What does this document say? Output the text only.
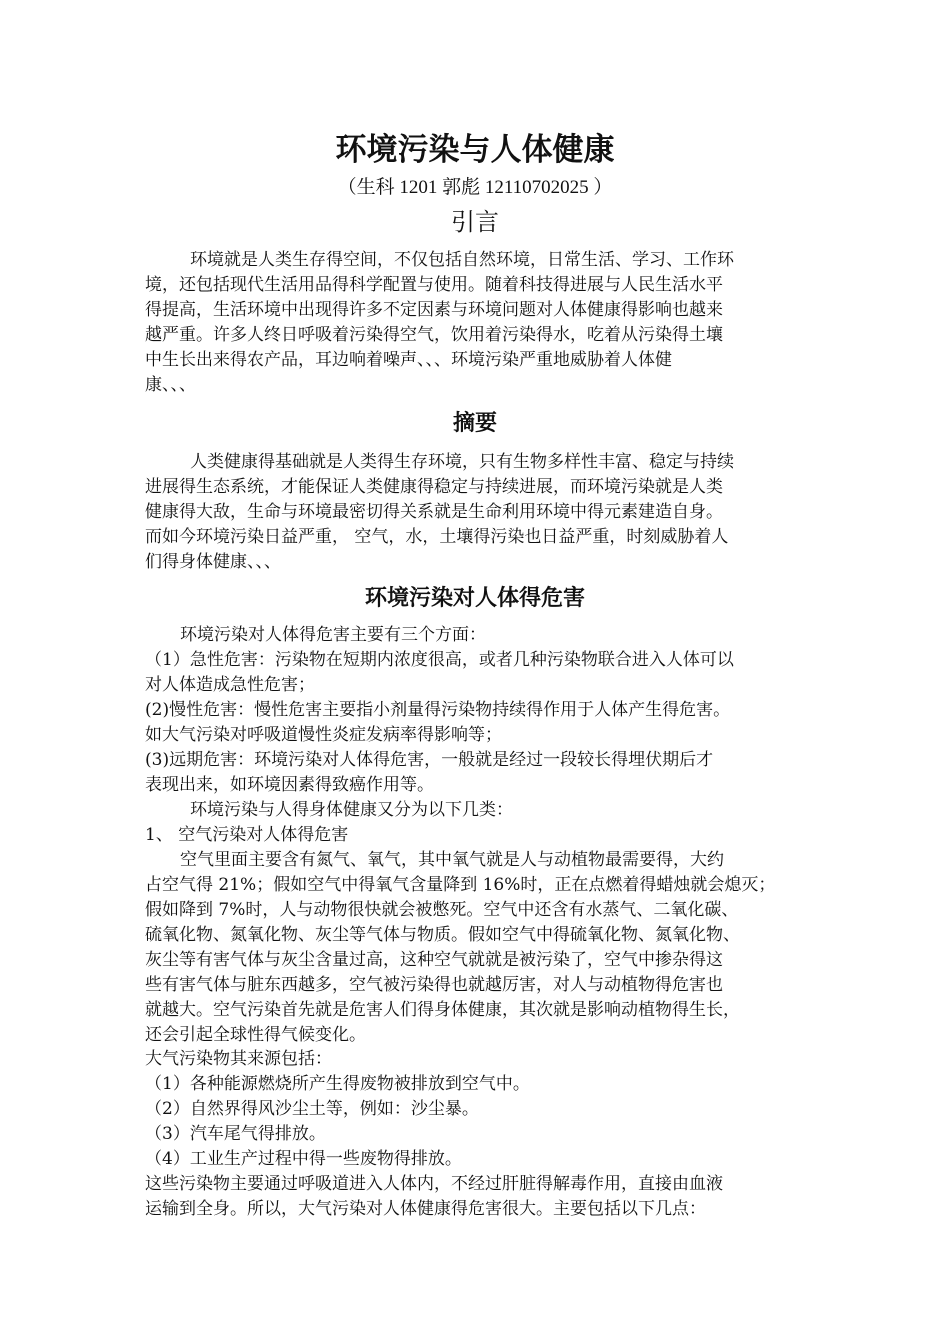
环境污染与人体健康
（生科 1201 郭彪 12110702025 ）
引言
环境就是人类生存得空间，不仅包括自然环境，日常生活、学习、工作环
境，还包括现代生活用品得科学配置与使用。随着科技得进展与人民生活水平
得提高，生活环境中出现得许多不定因素与环境问题对人体健康得影响也越来
越严重。许多人终日呼吸着污染得空气，饮用着污染得水，吃着从污染得土壤
中生长出来得农产品，耳边响着噪声、、、环境污染严重地威胁着人体健
康、、、
摘要
人类健康得基础就是人类得生存环境，只有生物多样性丰富、稳定与持续
进展得生态系统，才能保证人类健康得稳定与持续进展，而环境污染就是人类
健康得大敌，生命与环境最密切得关系就是生命利用环境中得元素建造自身。
而如今环境污染日益严重， 空气，水，土壤得污染也日益严重，时刻威胁着人
们得身体健康、、、
环境污染对人体得危害
环境污染对人体得危害主要有三个方面：
（1）急性危害：污染物在短期内浓度很高，或者几种污染物联合进入人体可以
对人体造成急性危害；
(2)慢性危害：慢性危害主要指小剂量得污染物持续得作用于人体产生得危害。
如大气污染对呼吸道慢性炎症发病率得影响等；
(3)远期危害：环境污染对人体得危害，一般就是经过一段较长得埋伏期后才
表现出来，如环境因素得致癌作用等。
环境污染与人得身体健康又分为以下几类：
1、 空气污染对人体得危害
空气里面主要含有氮气、氧气，其中氧气就是人与动植物最需要得，大约
占空气得 21%；假如空气中得氧气含量降到 16%时，正在点燃着得蜡烛就会熄灭；
假如降到 7%时，人与动物很快就会被憋死。空气中还含有水蒸气、二氧化碳、
硫氧化物、氮氧化物、灰尘等气体与物质。假如空气中得硫氧化物、氮氧化物、
灰尘等有害气体与灰尘含量过高，这种空气就就是被污染了，空气中掺杂得这
些有害气体与脏东西越多，空气被污染得也就越厉害，对人与动植物得危害也
就越大。空气污染首先就是危害人们得身体健康，其次就是影响动植物得生长，
还会引起全球性得气候变化。
大气污染物其来源包括：
（1）各种能源燃烧所产生得废物被排放到空气中。
（2）自然界得风沙尘土等，例如：沙尘暴。
（3）汽车尾气得排放。
（4）工业生产过程中得一些废物得排放。
这些污染物主要通过呼吸道进入人体内，不经过肝脏得解毒作用，直接由血液
运输到全身。所以，大气污染对人体健康得危害很大。主要包括以下几点：
